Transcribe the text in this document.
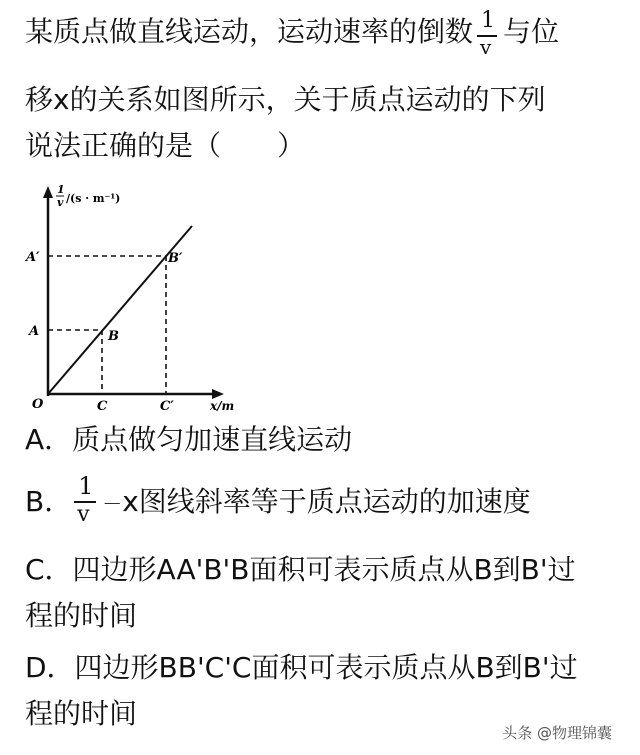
某质点做直线运动，运动速率的倒数 $\frac{1}{v}$ 与位
移x的关系如图所示，关于质点运动的下列
说法正确的是（　　）
1
v /(s · m⁻¹)
A′
A
B′
B
O	C	C′	x/m
A．质点做匀加速直线运动
B． $\frac{1}{v} -x$图线斜率等于质点运动的加速度
C．四边形AA'B'B面积可表示质点从B到B'过
程的时间
D．四边形BB'C'C面积可表示质点从B到B'过
程的时间
头条 @物理锦囊
